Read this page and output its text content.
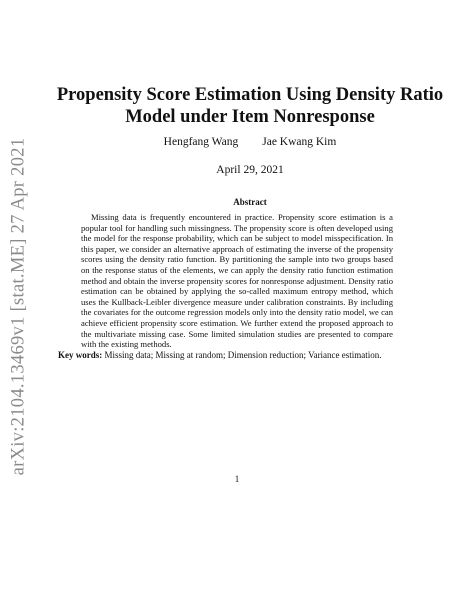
arXiv:2104.13469v1 [stat.ME] 27 Apr 2021
Propensity Score Estimation Using Density Ratio Model under Item Nonresponse
Hengfang Wang Jae Kwang Kim
April 29, 2021
Abstract

Missing data is frequently encountered in practice. Propensity score estimation is a popular tool for handling such missingness. The propensity score is often developed using the model for the response probability, which can be subject to model misspecification. In this paper, we consider an alternative approach of estimating the inverse of the propensity scores using the density ratio function. By partitioning the sample into two groups based on the response status of the elements, we can apply the density ratio function estimation method and obtain the inverse propensity scores for nonresponse adjustment. Density ratio estimation can be obtained by applying the so-called maximum entropy method, which uses the Kullback-Leibler divergence measure under calibration constraints. By including the covariates for the outcome regression models only into the density ratio model, we can achieve efficient propensity score estimation. We further extend the proposed approach to the multivariate missing case. Some limited simulation studies are presented to compare with the existing methods.

Key words: Missing data; Missing at random; Dimension reduction; Variance estimation.

1
